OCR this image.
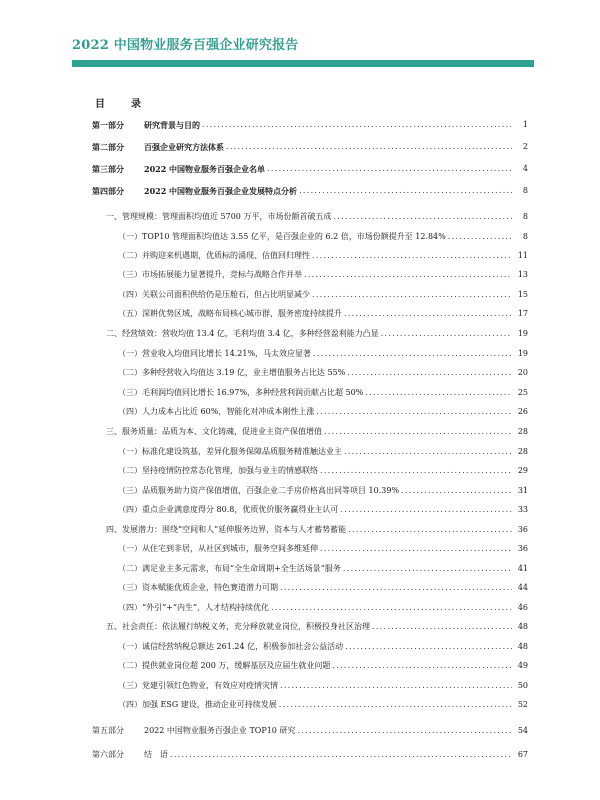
2022 中国物业服务百强企业研究报告
目　录
第一部分	研究背景与目的 .....	1
第二部分	百强企业研究方法体系 .....	2
第三部分	2022 中国物业服务百强企业名单 .....	4
第四部分	2022 中国物业服务百强企业发展特点分析 .....	8
一、管理规模：管理面积均值近 5700 万平，市场份额首破五成 .....	8
（一）TOP10 管理面积均值达 3.55 亿平，是百强企业的 6.2 倍，市场份额提升至 12.84% .....	8
（二）并购迎来机遇期，优质标的涌现、估值回归理性 .....	11
（三）市场拓展能力显著提升，竞标与战略合作并举 .....	13
（四）关联公司面积供给仍是压舱石，但占比明显减少 .....	15
（五）深耕优势区域，战略布局核心城市群，服务密度持续提升 .....	17
二、经营绩效：营收均值 13.4 亿，毛利均值 3.4 亿，多种经营盈利能力凸显 .....	19
（一）营业收入均值同比增长 14.21%，马太效应显著 .....	19
（二）多种经营收入均值达 3.19 亿，业主增值服务占比达 55% .....	20
（三）毛利润均值同比增长 16.97%，多种经营利润贡献占比超 50% .....	25
（四）人力成本占比近 60%，智能化对冲成本刚性上涨 .....	26
三、服务质量：品质为本、文化铸魂，促进业主资产保值增值 .....	28
（一）标准化建设筑基，差异化服务保障品质服务精准触达业主 .....	28
（二）坚持疫情防控常态化管理，加强与业主的情感联络 .....	29
（三）品质服务助力资产保值增值，百强企业二手房价格高出同等项目 10.39% .....	31
（四）重点企业满意度得分 80.8，优质优价服务赢得业主认可 .....	33
四、发展潜力：围绕“空间和人”延伸服务边界，资本与人才蓄势蓄能 .....	36
（一）从住宅到非居，从社区到城市，服务空间多维延伸 .....	36
（二）满足业主多元需求，布局“全生命周期+全生活场景”服务 .....	41
（三）资本赋能优质企业，特色赛道潜力可期 .....	44
（四）“外引”+“内生”，人才结构持续优化 .....	46
五、社会责任：依法履行纳税义务，充分释放就业岗位，积极投身社区治理 .....	48
（一）诚信经营纳税总额达 261.24 亿，积极参加社会公益活动 .....	48
（二）提供就业岗位超 200 万，缓解基层及应届生就业问题 .....	49
（三）党建引领红色物业，有效应对疫情灾情 .....	50
（四）加强 ESG 建设，推动企业可持续发展 .....	52
第五部分	2022 中国物业服务百强企业 TOP10 研究 .....	54
第六部分	结　语 .....	67
